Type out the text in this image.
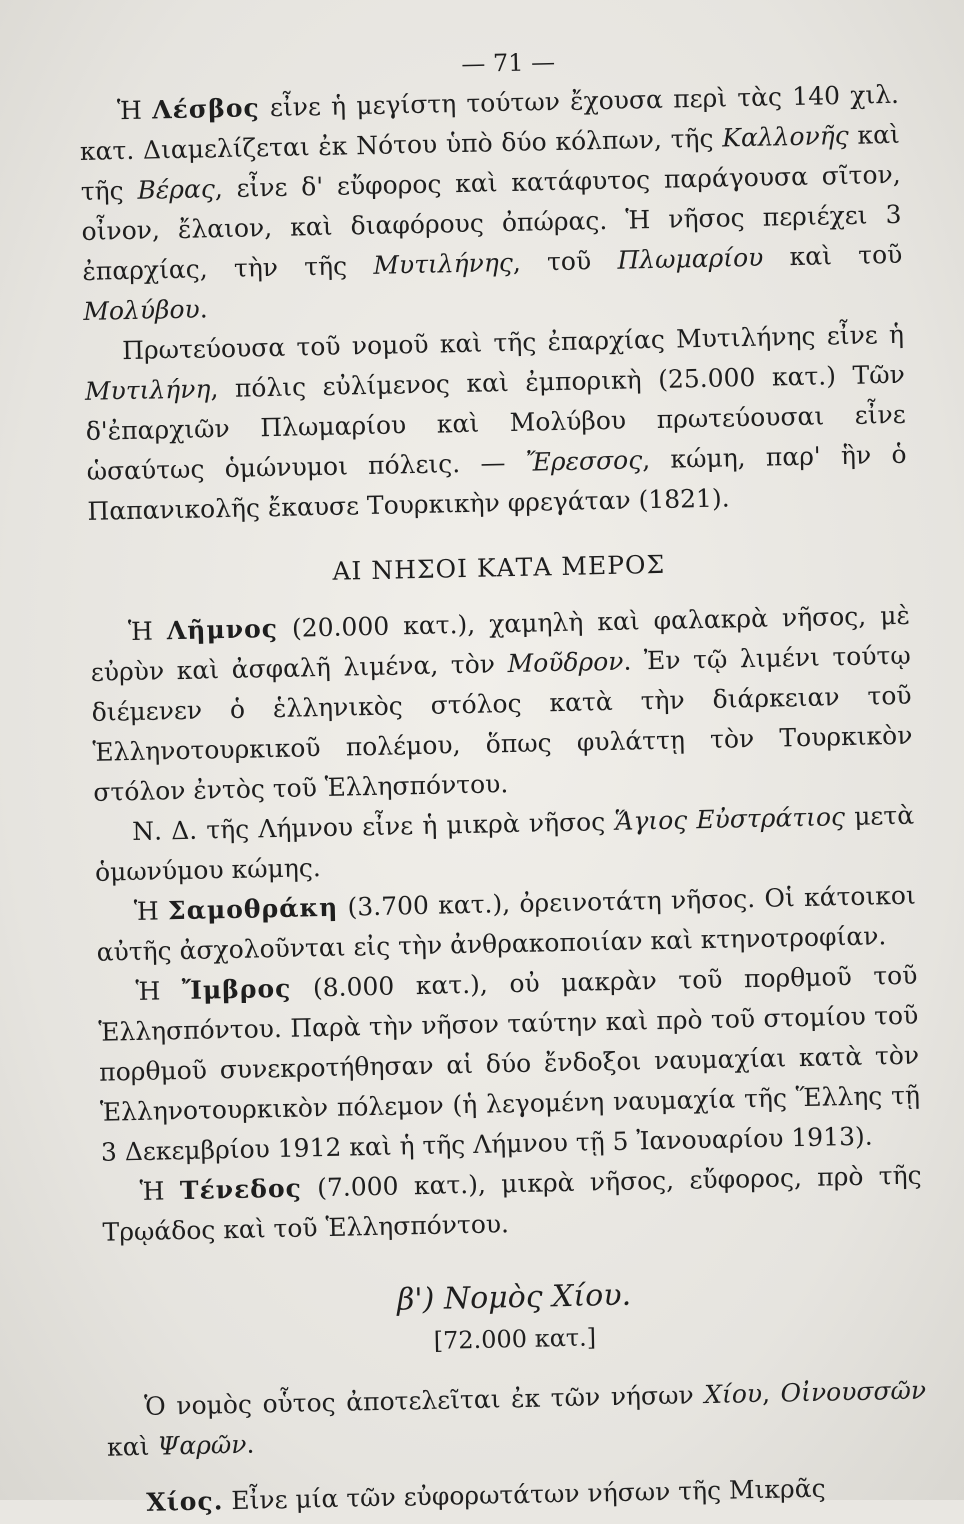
— 71 —

Ἡ Λέσβος εἶνε ἡ μεγίστη τούτων ἔχουσα περὶ τὰς 140 χιλ. κατ. Διαμελίζεται ἐκ Νότου ὑπὸ δύο κόλπων, τῆς Καλλονῆς καὶ τῆς Βέρας, εἶνε δ' εὔφορος καὶ κατάφυτος παράγουσα σῖτον, οἶνον, ἔλαιον, καὶ διαφόρους ὀπώρας. Ἡ νῆσος περιέχει 3 ἐπαρχίας, τὴν τῆς Μυτιλήνης, τοῦ Πλωμαρίου καὶ τοῦ Μολύβου.

Πρωτεύουσα τοῦ νομοῦ καὶ τῆς ἐπαρχίας Μυτιλήνης εἶνε ἡ Μυτιλήνη, πόλις εὐλίμενος καὶ ἐμπορικὴ (25.000 κατ.) Τῶν δ'ἐπαρχιῶν Πλωμαρίου καὶ Μολύβου πρωτεύουσαι εἶνε ὡσαύτως ὁμώνυμοι πόλεις. — Ἔρεσσος, κώμη, παρ' ἣν ὁ Παπανικολῆς ἔκαυσε Τουρκικὴν φρεγάταν (1821).

ΑΙ ΝΗΣΟΙ ΚΑΤΑ ΜΕΡΟΣ

Ἡ Λῆμνος (20.000 κατ.), χαμηλὴ καὶ φαλακρὰ νῆσος, μὲ εὐρὺν καὶ ἀσφαλῆ λιμένα, τὸν Μοῦδρον. Ἐν τῷ λιμένι τούτῳ διέμενεν ὁ ἑλληνικὸς στόλος κατὰ τὴν διάρκειαν τοῦ Ἑλληνοτουρκικοῦ πολέμου, ὅπως φυλάττῃ τὸν Τουρκικὸν στόλον ἐντὸς τοῦ Ἑλλησπόντου.

Ν. Δ. τῆς Λήμνου εἶνε ἡ μικρὰ νῆσος Ἅγιος Εὐστράτιος μετὰ ὁμωνύμου κώμης.

Ἡ Σαμοθράκη (3.700 κατ.), ὀρεινοτάτη νῆσος. Οἱ κάτοικοι αὐτῆς ἀσχολοῦνται εἰς τὴν ἀνθρακοποιίαν καὶ κτηνοτροφίαν.

Ἡ Ἴμβρος (8.000 κατ.), οὐ μακρὰν τοῦ πορθμοῦ τοῦ Ἑλλησπόντου. Παρὰ τὴν νῆσον ταύτην καὶ πρὸ τοῦ στομίου τοῦ πορθμοῦ συνεκροτήθησαν αἱ δύο ἔνδοξοι ναυμαχίαι κατὰ τὸν Ἑλληνοτουρκικὸν πόλεμον (ἡ λεγομένη ναυμαχία τῆς Ἕλλης τῇ 3 Δεκεμβρίου 1912 καὶ ἡ τῆς Λήμνου τῇ 5 Ἰανουαρίου 1913).

Ἡ Τένεδος (7.000 κατ.), μικρὰ νῆσος, εὔφορος, πρὸ τῆς Τρῳάδος καὶ τοῦ Ἑλλησπόντου.

β') Νομὸς Χίου.
[72.000 κατ.]

Ὁ νομὸς οὗτος ἀποτελεῖται ἐκ τῶν νήσων Χίου, Οἰνουσσῶν καὶ Ψαρῶν.

Χίος. Εἶνε μία τῶν εὐφορωτάτων νήσων τῆς Μικρᾶς
